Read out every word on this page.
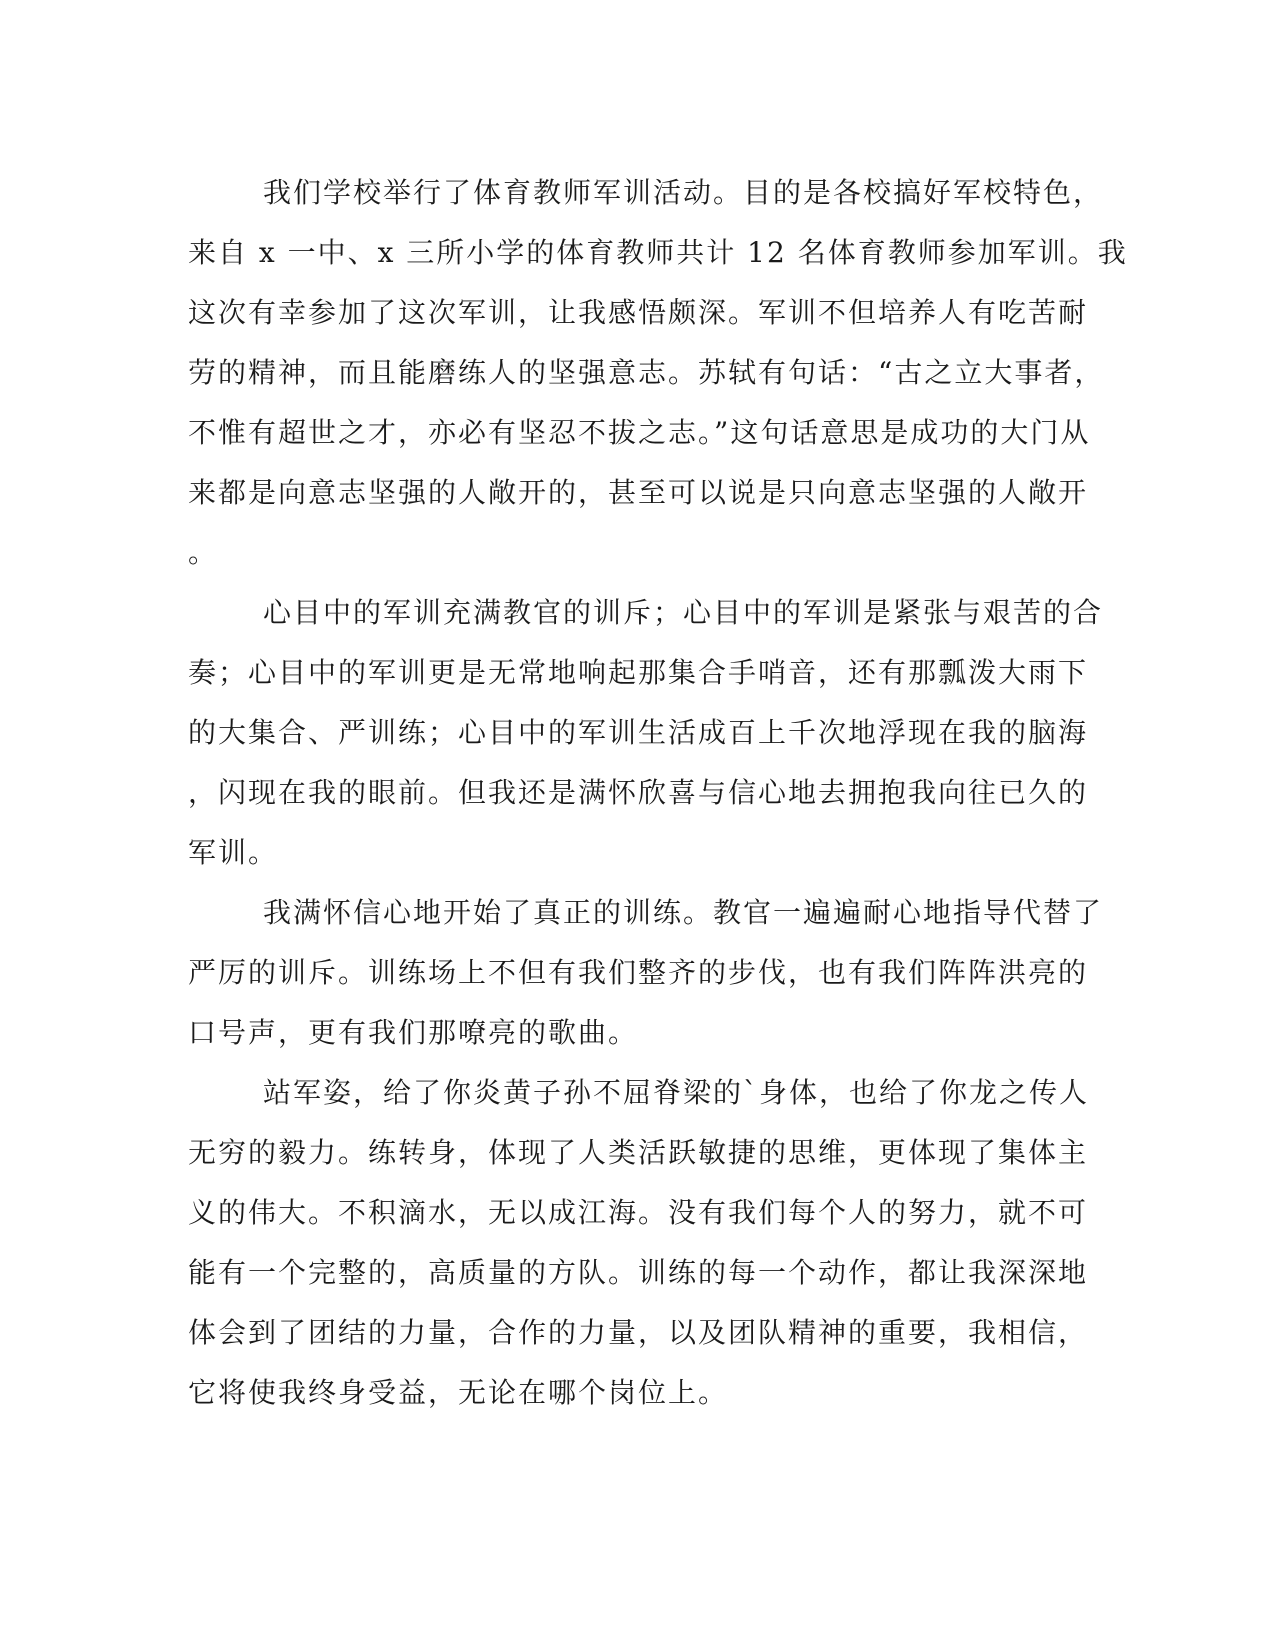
我们学校举行了体育教师军训活动。目的是各校搞好军校特色，
来自 x 一中、x 三所小学的体育教师共计 12 名体育教师参加军训。我
这次有幸参加了这次军训，让我感悟颇深。军训不但培养人有吃苦耐
劳的精神，而且能磨练人的坚强意志。苏轼有句话：“古之立大事者，
不惟有超世之才，亦必有坚忍不拔之志。”这句话意思是成功的大门从
来都是向意志坚强的人敞开的，甚至可以说是只向意志坚强的人敞开
。
心目中的军训充满教官的训斥；心目中的军训是紧张与艰苦的合
奏；心目中的军训更是无常地响起那集合手哨音，还有那瓢泼大雨下
的大集合、严训练；心目中的军训生活成百上千次地浮现在我的脑海
，闪现在我的眼前。但我还是满怀欣喜与信心地去拥抱我向往已久的
军训。
我满怀信心地开始了真正的训练。教官一遍遍耐心地指导代替了
严厉的训斥。训练场上不但有我们整齐的步伐，也有我们阵阵洪亮的
口号声，更有我们那嘹亮的歌曲。
站军姿，给了你炎黄子孙不屈脊梁的`身体，也给了你龙之传人
无穷的毅力。练转身，体现了人类活跃敏捷的思维，更体现了集体主
义的伟大。不积滴水，无以成江海。没有我们每个人的努力，就不可
能有一个完整的，高质量的方队。训练的每一个动作，都让我深深地
体会到了团结的力量，合作的力量，以及团队精神的重要，我相信，
它将使我终身受益，无论在哪个岗位上。
